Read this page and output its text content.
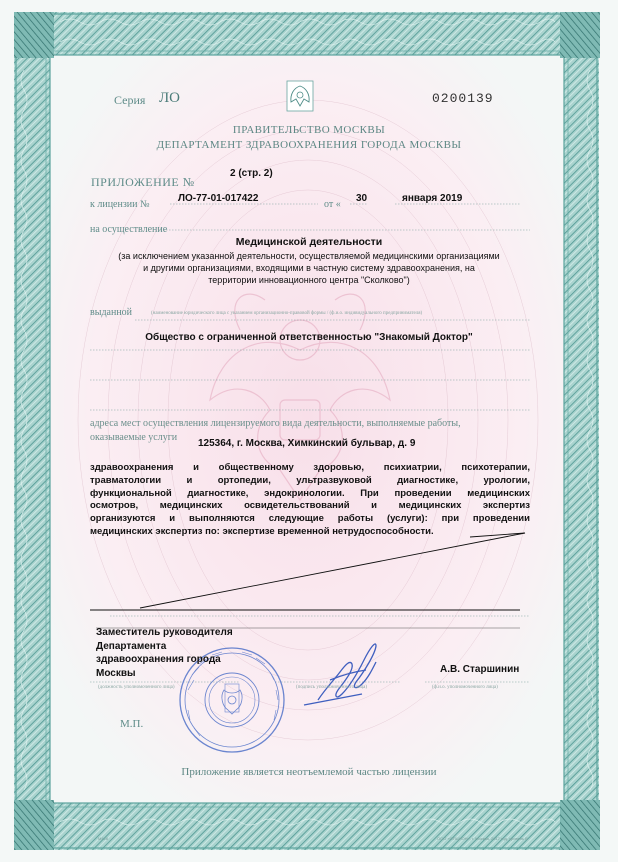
М428	ООО «ОПЦИОН», г. Москва, 2017 год, уровень Б
Серия ЛО	0200139
ПРАВИТЕЛЬСТВО МОСКВЫ
ДЕПАРТАМЕНТ ЗДРАВООХРАНЕНИЯ ГОРОДА МОСКВЫ
2 (стр. 2)
ПРИЛОЖЕНИЕ №
к лицензии №
ЛО-77-01-017422
от «
30	января 2019
на осуществление
Медицинской деятельности
(за исключением указанной деятельности, осуществляемой медицинскими организациями
и другими организациями, входящими в частную систему здравоохранения, на
территории инновационного центра "Сколково")
выданной	(наименование юридического лица с указанием организационно-правовой формы / (ф.и.о. индивидуального предпринимателя)
Общество с ограниченной ответственностью "Знакомый Доктор"
адреса мест осуществления лицензируемого вида деятельности, выполняемые работы,
оказываемые услуги
125364, г. Москва, Химкинский бульвар, д. 9
здравоохранения и общественному здоровью, психиатрии, психотерапии,
травматологии и ортопедии, ультразвуковой диагностике, урологии,
функциональной диагностике, эндокринологии. При проведении медицинских
осмотров, медицинских освидетельствований и медицинских экспертиз
организуются и выполняются следующие работы (услуги): при проведении
медицинских экспертиз по: экспертизе временной нетрудоспособности.
Заместитель руководителя
Департамента
здравоохранения города
Москвы	А.В. Старшинин
(должность уполномоченного лица)	(подпись уполномоченного лица)	(ф.и.о. уполномоченного лица)
М.П.
Приложение является неотъемлемой частью лицензии
